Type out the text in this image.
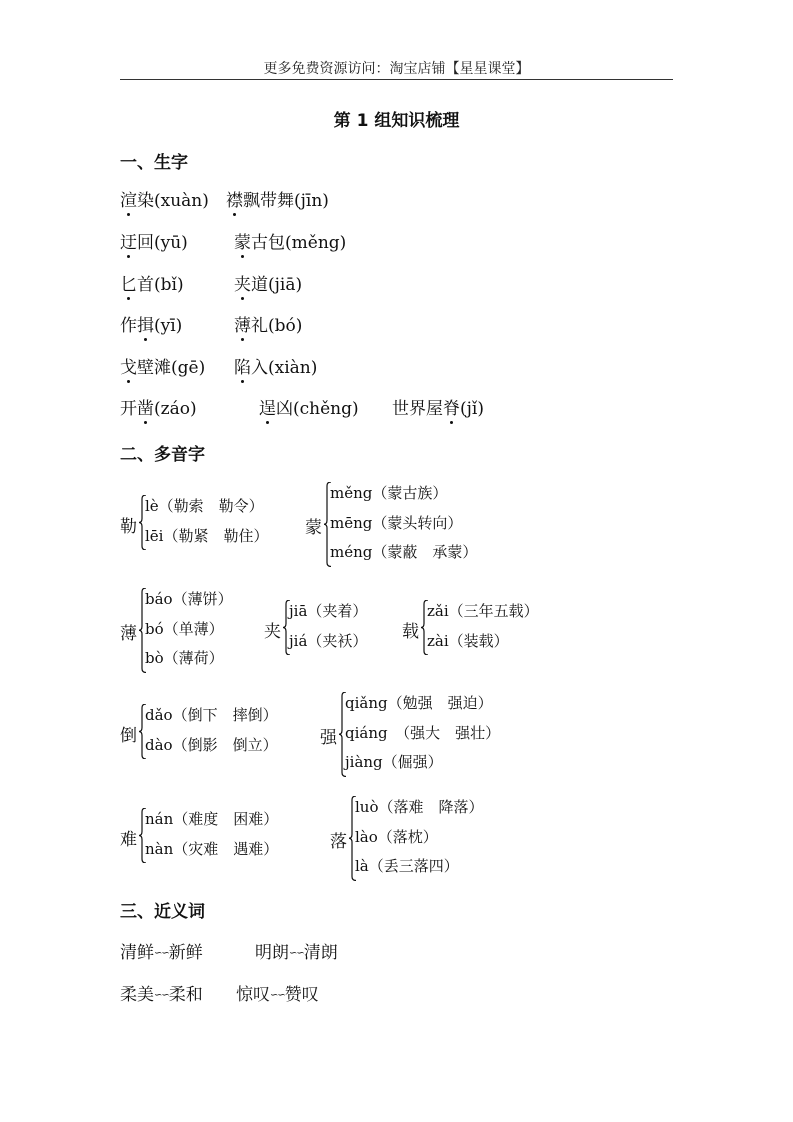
更多免费资源访问：淘宝店铺【星星课堂】
第 1 组知识梳理
一、生字
渲染(xuàn) 襟飘带舞(jīn)
迂回(yū)	蒙古包(měng)
匕首(bǐ)	夹道(jiā)
作揖(yī)	薄礼(bó)
戈壁滩(gē) 陷入(xiàn)
开凿(záo)	逞凶(chěng) 世界屋脊(jǐ)
二、多音字
勒
lè（勒索　勒令）
lēi（勒紧　勒住） 蒙
měng（蒙古族）
mēng（蒙头转向）
méng（蒙蔽　承蒙）
薄
báo（薄饼）
bó（单薄）
bò（薄荷）
夹
jiā（夹着）
jiá（夹袄） 载
zǎi（三年五载）
zài（装载）
倒
dǎo（倒下　摔倒）
dào（倒影　倒立） 强
qiǎng（勉强　强迫）
qiáng　（强大　强壮）
jiàng（倔强）
难
nán（难度　困难）
nàn（灾难　遇难）	落
luò（落难　降落）
lào（落枕）
là（丢三落四）
三、近义词
清鲜∽∽新鲜	明朗∽∽清朗
柔美∽∽柔和 惊叹∽∽赞叹
